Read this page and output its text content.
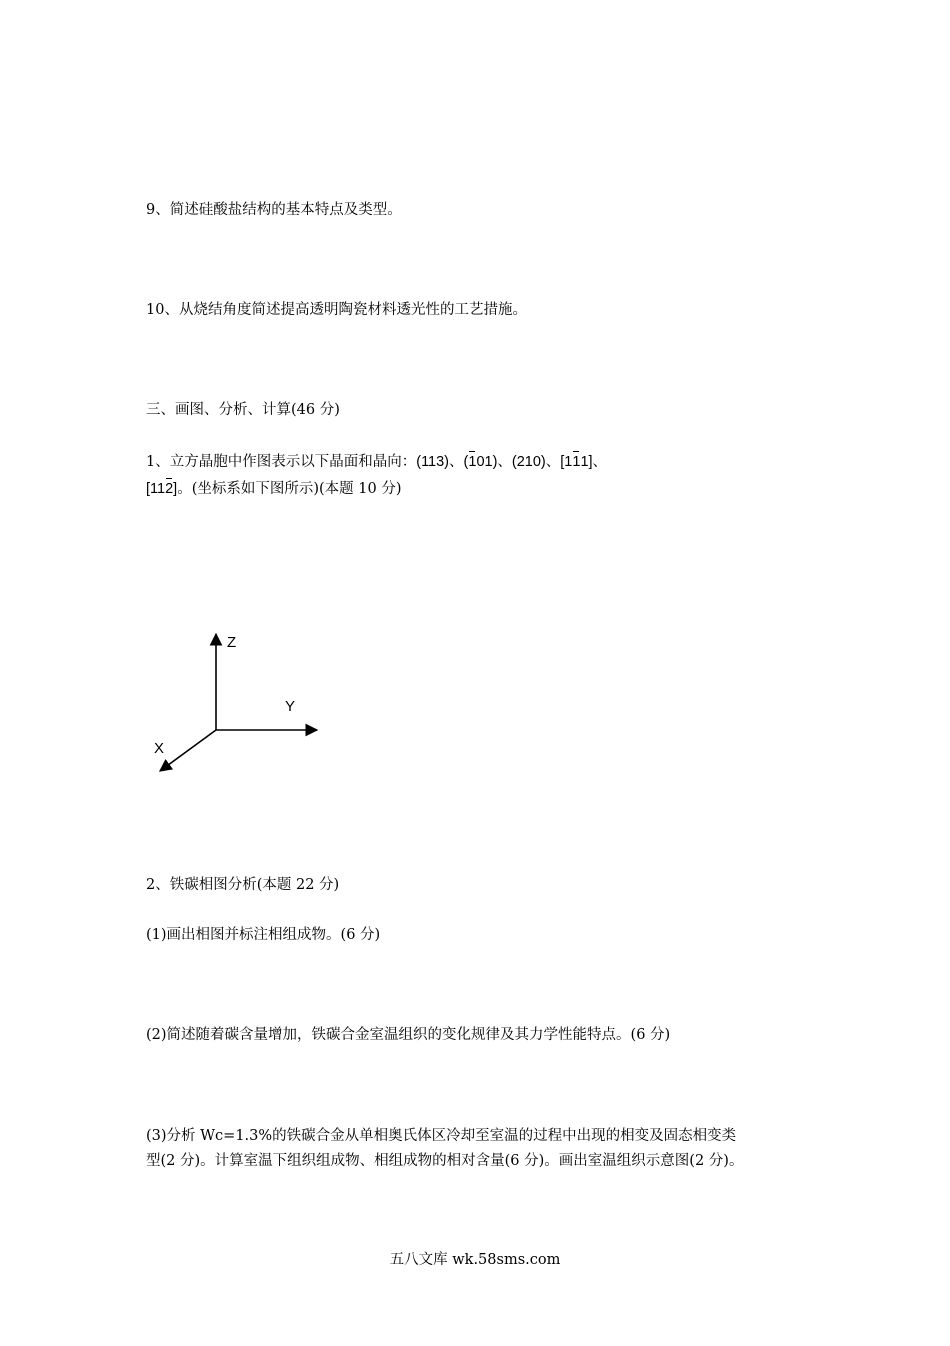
9、简述硅酸盐结构的基本特点及类型。
10、从烧结角度简述提高透明陶瓷材料透光性的工艺措施。
三、画图、分析、计算(46 分)
1、立方晶胞中作图表示以下晶面和晶向：(113)、(101)、(210)、[111]、
[112]。(坐标系如下图所示)(本题 10 分)
Z
Y
X
2、铁碳相图分析(本题 22 分)
(1)画出相图并标注相组成物。(6 分)
(2)简述随着碳含量增加，铁碳合金室温组织的变化规律及其力学性能特点。(6 分)
(3)分析 Wc=1.3%的铁碳合金从单相奥氏体区冷却至室温的过程中出现的相变及固态相变类
型(2 分)。计算室温下组织组成物、相组成物的相对含量(6 分)。画出室温组织示意图(2 分)。
五八文库 wk.58sms.com
